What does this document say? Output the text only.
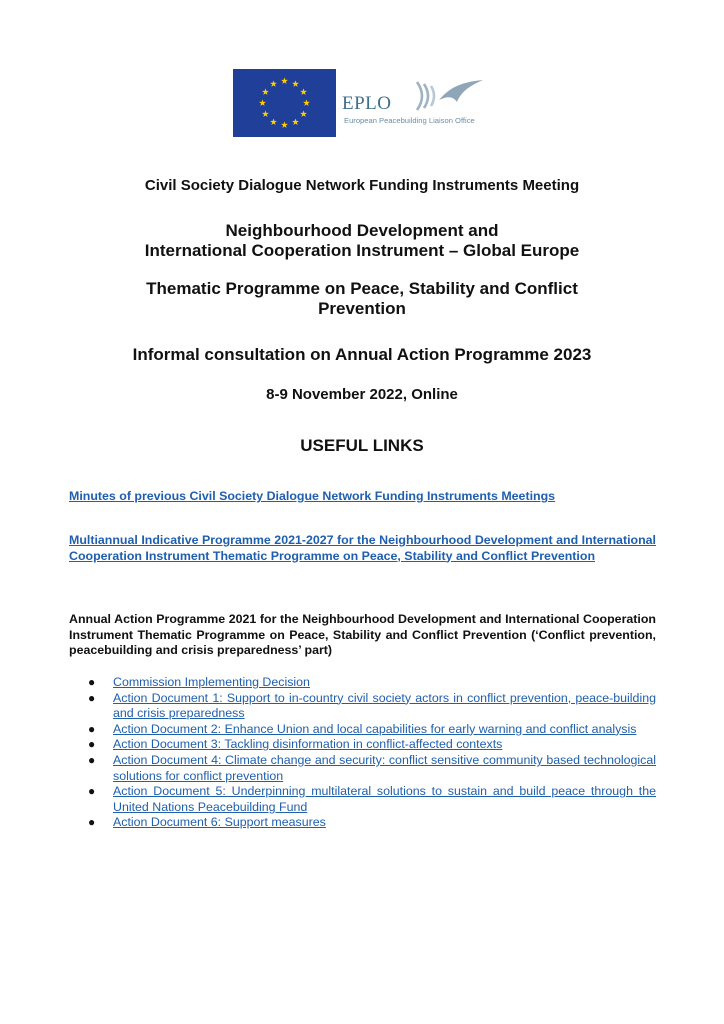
EPLO
European Peacebuilding Liaison Office
Civil Society Dialogue Network Funding Instruments Meeting
Neighbourhood Development and
International Cooperation Instrument – Global Europe
Thematic Programme on Peace, Stability and Conflict
Prevention
Informal consultation on Annual Action Programme 2023
8-9 November 2022, Online
USEFUL LINKS
Minutes of previous Civil Society Dialogue Network Funding Instruments Meetings
Multiannual Indicative Programme 2021-2027 for the Neighbourhood Development and International Cooperation Instrument Thematic Programme on Peace, Stability and Conflict Prevention
Annual Action Programme 2021 for the Neighbourhood Development and International Cooperation Instrument Thematic Programme on Peace, Stability and Conflict Prevention (‘Conflict prevention, peacebuilding and crisis preparedness’ part)
● Commission Implementing Decision
● Action Document 1: Support to in-country civil society actors in conflict prevention, peace-building and crisis preparedness
● Action Document 2: Enhance Union and local capabilities for early warning and conflict analysis
● Action Document 3: Tackling disinformation in conflict-affected contexts
● Action Document 4: Climate change and security: conflict sensitive community based technological solutions for conflict prevention
● Action Document 5: Underpinning multilateral solutions to sustain and build peace through the United Nations Peacebuilding Fund
● Action Document 6: Support measures
